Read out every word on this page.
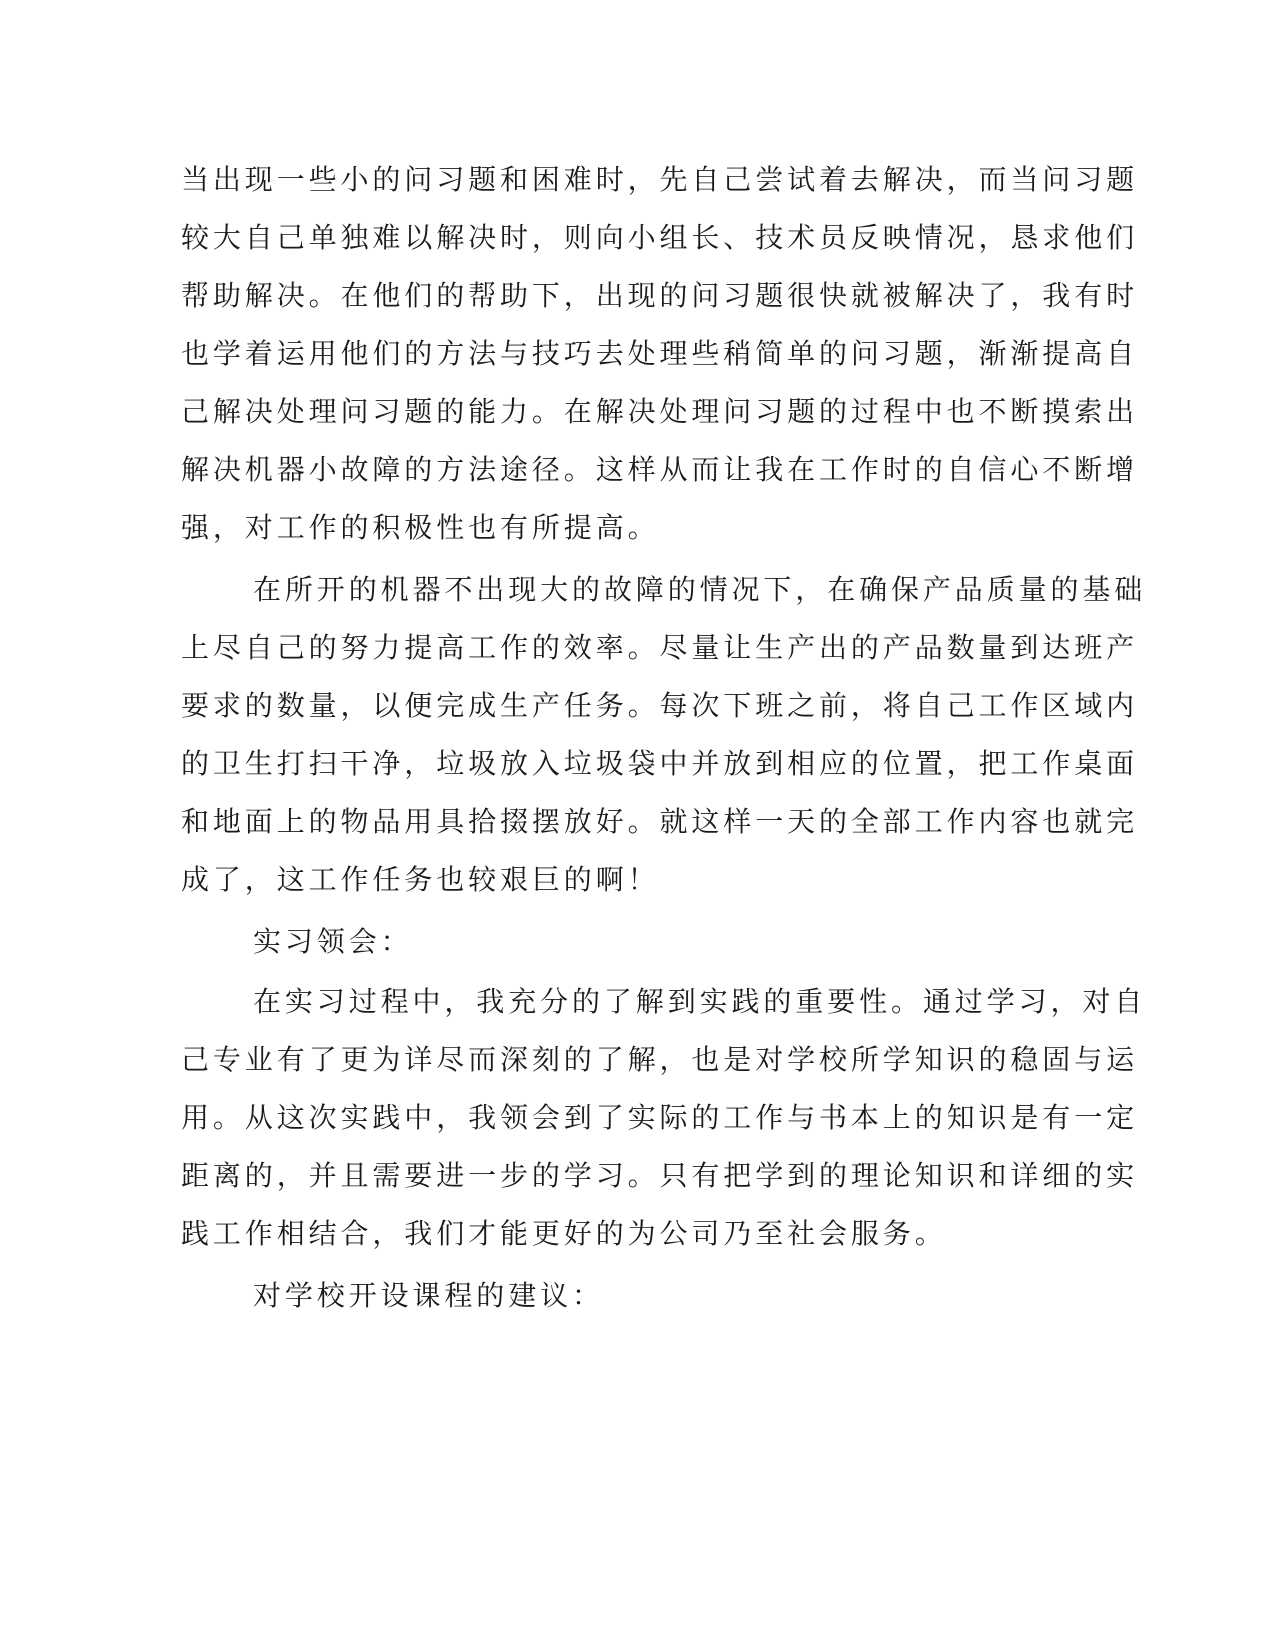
当出现一些小的问习题和困难时，先自己尝试着去解决，而当问习题
较大自己单独难以解决时，则向小组长、技术员反映情况，恳求他们
帮助解决。在他们的帮助下，出现的问习题很快就被解决了，我有时
也学着运用他们的方法与技巧去处理些稍简单的问习题，渐渐提高自
己解决处理问习题的能力。在解决处理问习题的过程中也不断摸索出
解决机器小故障的方法途径。这样从而让我在工作时的自信心不断增
强，对工作的积极性也有所提高。
在所开的机器不出现大的故障的情况下，在确保产品质量的基础
上尽自己的努力提高工作的效率。尽量让生产出的产品数量到达班产
要求的数量，以便完成生产任务。每次下班之前，将自己工作区域内
的卫生打扫干净，垃圾放入垃圾袋中并放到相应的位置，把工作桌面
和地面上的物品用具拾掇摆放好。就这样一天的全部工作内容也就完
成了，这工作任务也较艰巨的啊！
实习领会：
在实习过程中，我充分的了解到实践的重要性。通过学习，对自
己专业有了更为详尽而深刻的了解，也是对学校所学知识的稳固与运
用。从这次实践中，我领会到了实际的工作与书本上的知识是有一定
距离的，并且需要进一步的学习。只有把学到的理论知识和详细的实
践工作相结合，我们才能更好的为公司乃至社会服务。
对学校开设课程的建议：
